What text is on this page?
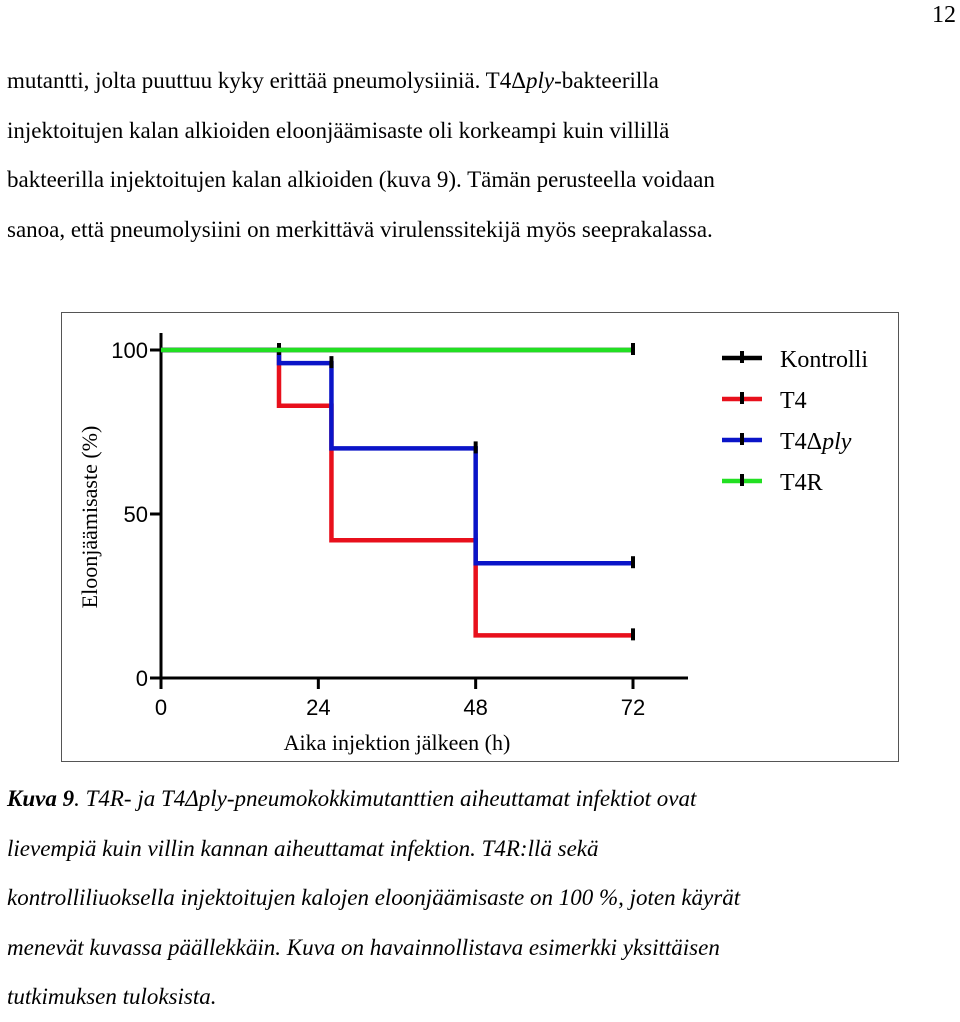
12

mutantti, jolta puuttuu kyky erittää pneumolysiiniä. T4Δply-bakteerilla
injektoitujen kalan alkioiden eloonjäämisaste oli korkeampi kuin villillä
bakteerilla injektoitujen kalan alkioiden (kuva 9). Tämän perusteella voidaan
sanoa, että pneumolysiini on merkittävä virulenssitekijä myös seeprakalassa.

0
50
100
0	24	48	72
Aika injektion jälkeen (h)
Eloonjäämisaste (%)
Kontrolli
T4
T4Δply
T4R

Kuva 9. T4R- ja T4Δply-pneumokokkimutanttien aiheuttamat infektiot ovat
lievempiä kuin villin kannan aiheuttamat infektion. T4R:llä sekä
kontrolliliuoksella injektoitujen kalojen eloonjäämisaste on 100 %, joten käyrät
menevät kuvassa päällekkäin. Kuva on havainnollistava esimerkki yksittäisen
tutkimuksen tuloksista.
